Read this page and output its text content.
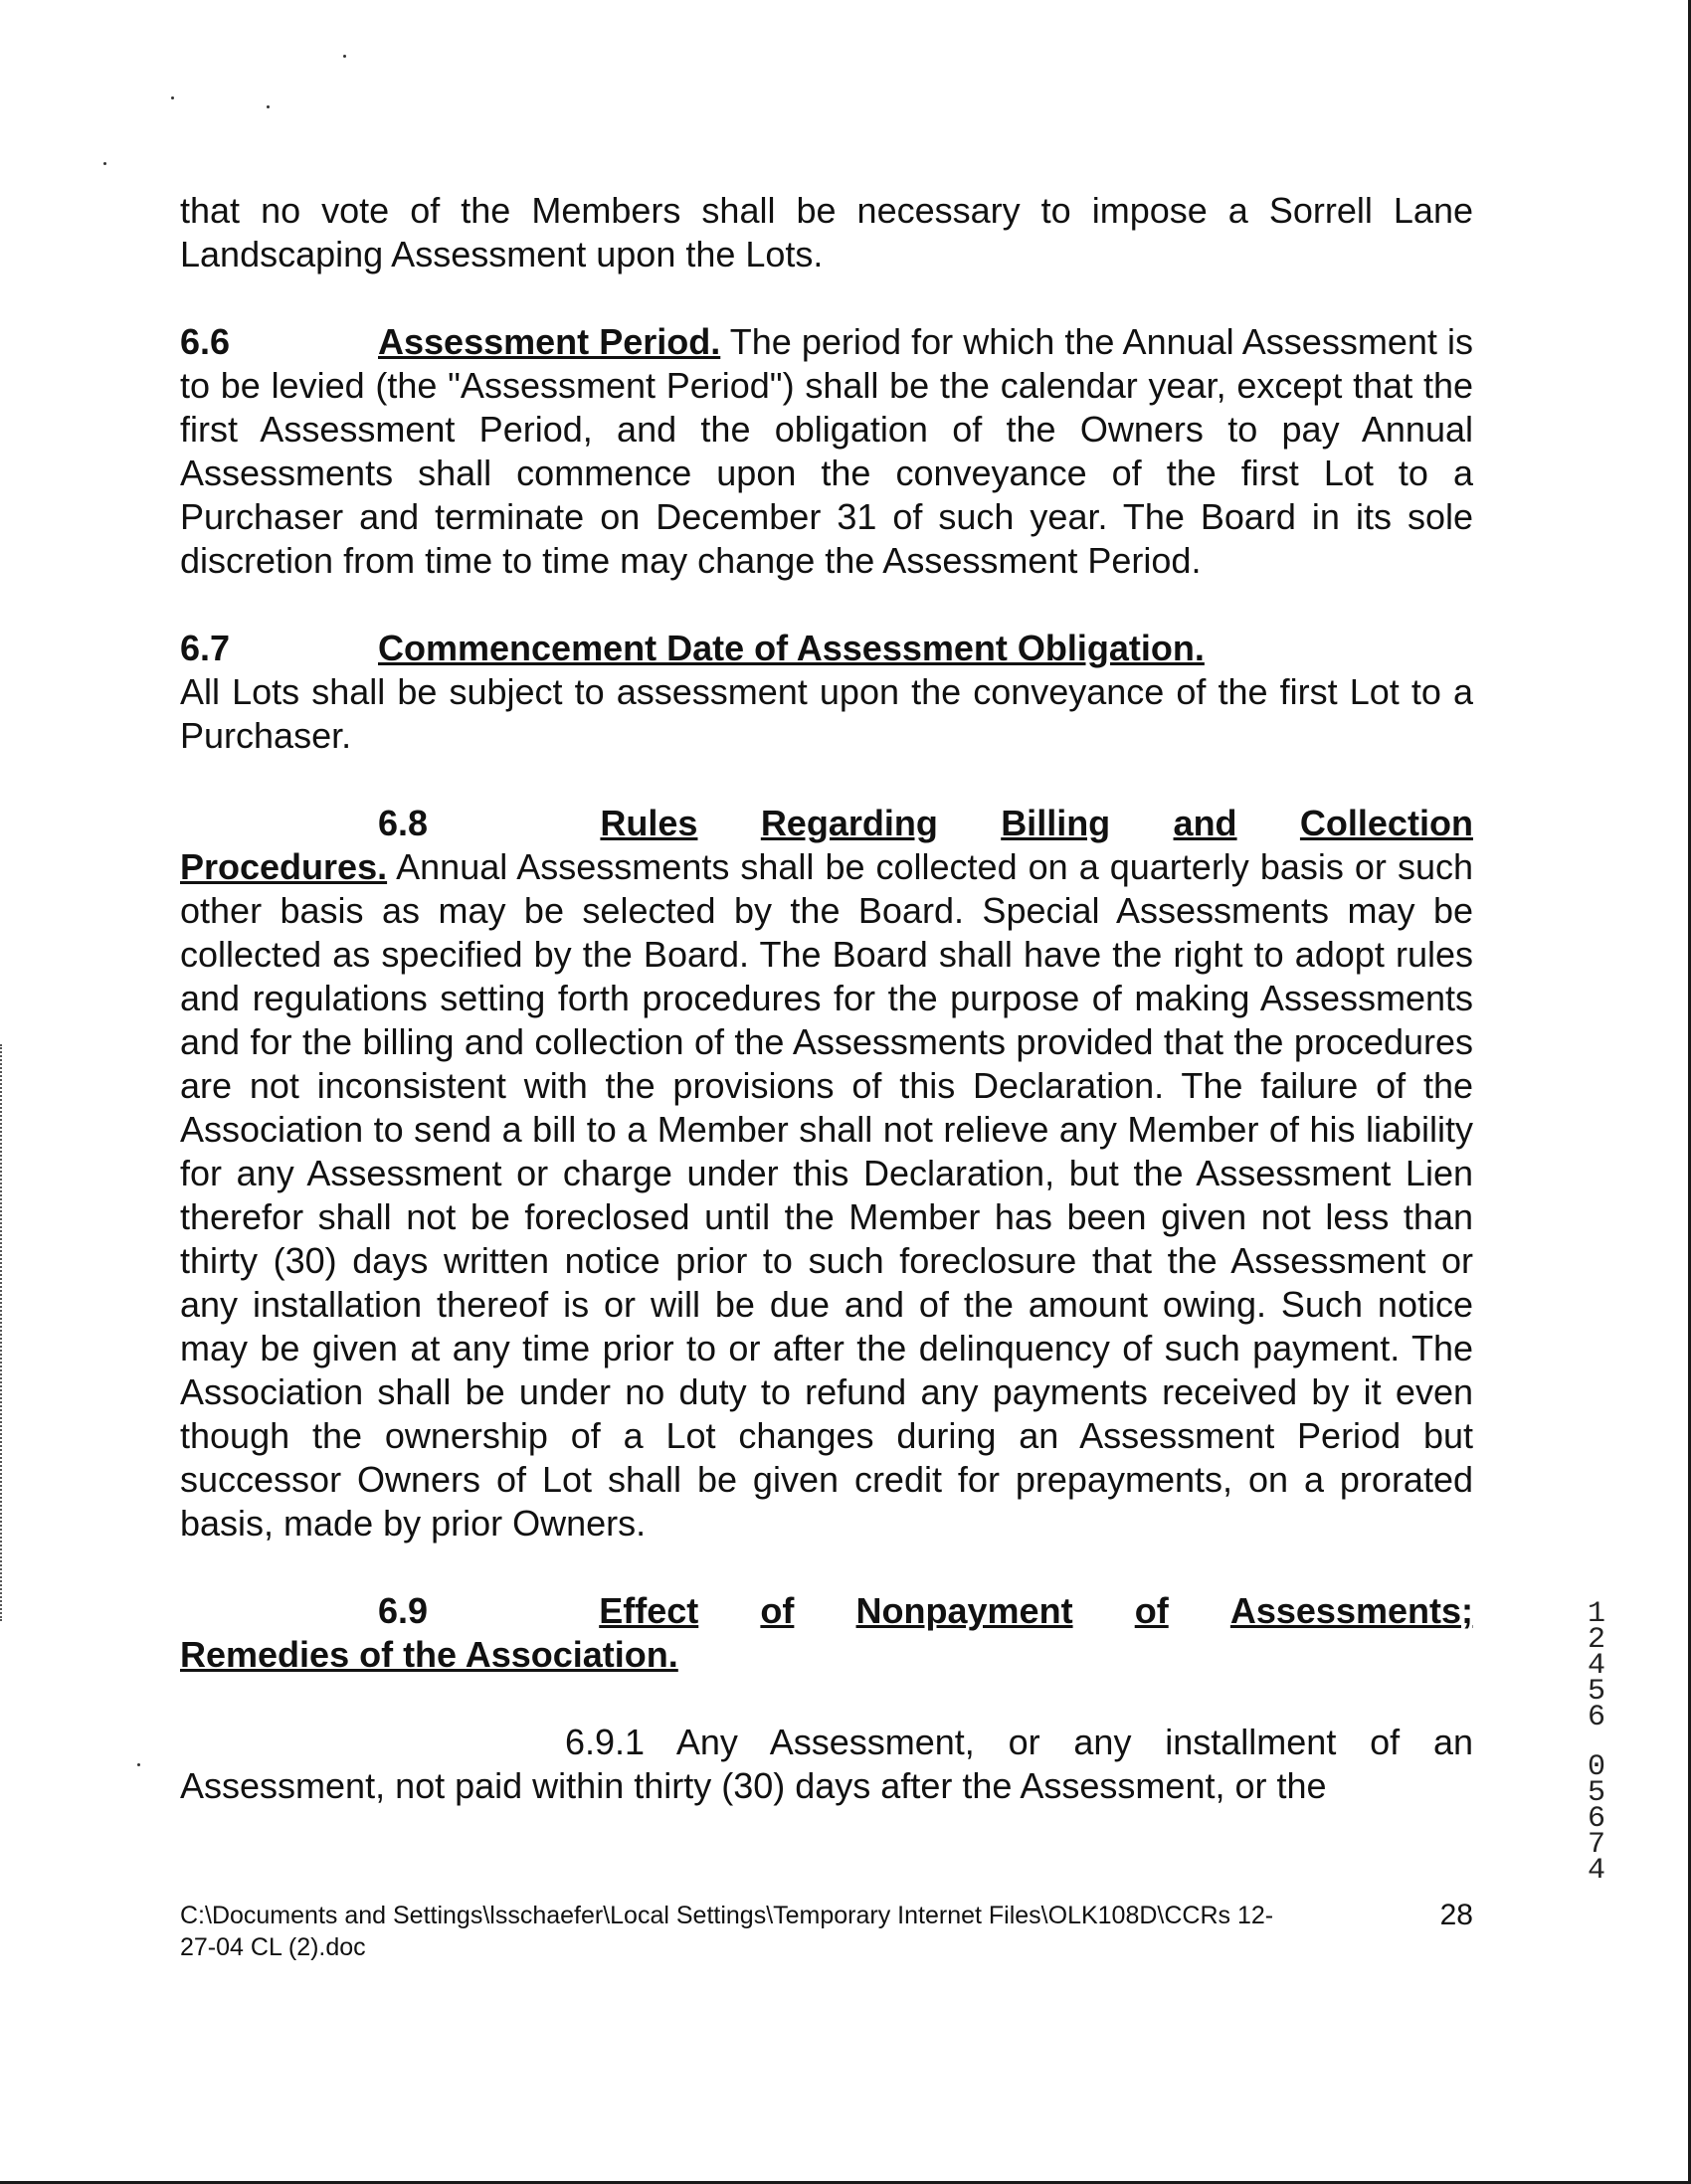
that no vote of the Members shall be necessary to impose a Sorrell Lane Landscaping Assessment upon the Lots.

6.6	Assessment Period. The period for which the Annual Assessment is to be levied (the "Assessment Period") shall be the calendar year, except that the first Assessment Period, and the obligation of the Owners to pay Annual Assessments shall commence upon the conveyance of the first Lot to a Purchaser and terminate on December 31 of such year. The Board in its sole discretion from time to time may change the Assessment Period.

6.7	Commencement Date of Assessment Obligation.

All Lots shall be subject to assessment upon the conveyance of the first Lot to a Purchaser.

6.8	Rules Regarding Billing and Collection

Procedures. Annual Assessments shall be collected on a quarterly basis or such other basis as may be selected by the Board. Special Assessments may be collected as specified by the Board. The Board shall have the right to adopt rules and regulations setting forth procedures for the purpose of making Assessments and for the billing and collection of the Assessments provided that the procedures are not inconsistent with the provisions of this Declaration. The failure of the Association to send a bill to a Member shall not relieve any Member of his liability for any Assessment or charge under this Declaration, but the Assessment Lien therefor shall not be foreclosed until the Member has been given not less than thirty (30) days written notice prior to such foreclosure that the Assessment or any installation thereof is or will be due and of the amount owing. Such notice may be given at any time prior to or after the delinquency of such payment. The Association shall be under no duty to refund any payments received by it even though the ownership of a Lot changes during an Assessment Period but successor Owners of Lot shall be given credit for prepayments, on a prorated basis, made by prior Owners.

6.9	Effect of Nonpayment of Assessments;
Remedies of the Association.

6.9.1 Any Assessment, or any installment of an Assessment, not paid within thirty (30) days after the Assessment, or the

C:\Documents and Settings\lsschaefer\Local Settings\Temporary Internet Files\OLK108D\CCRs 12-	28
27-04 CL (2).doc
1
2
4
5
6
0
5
6
7
4
